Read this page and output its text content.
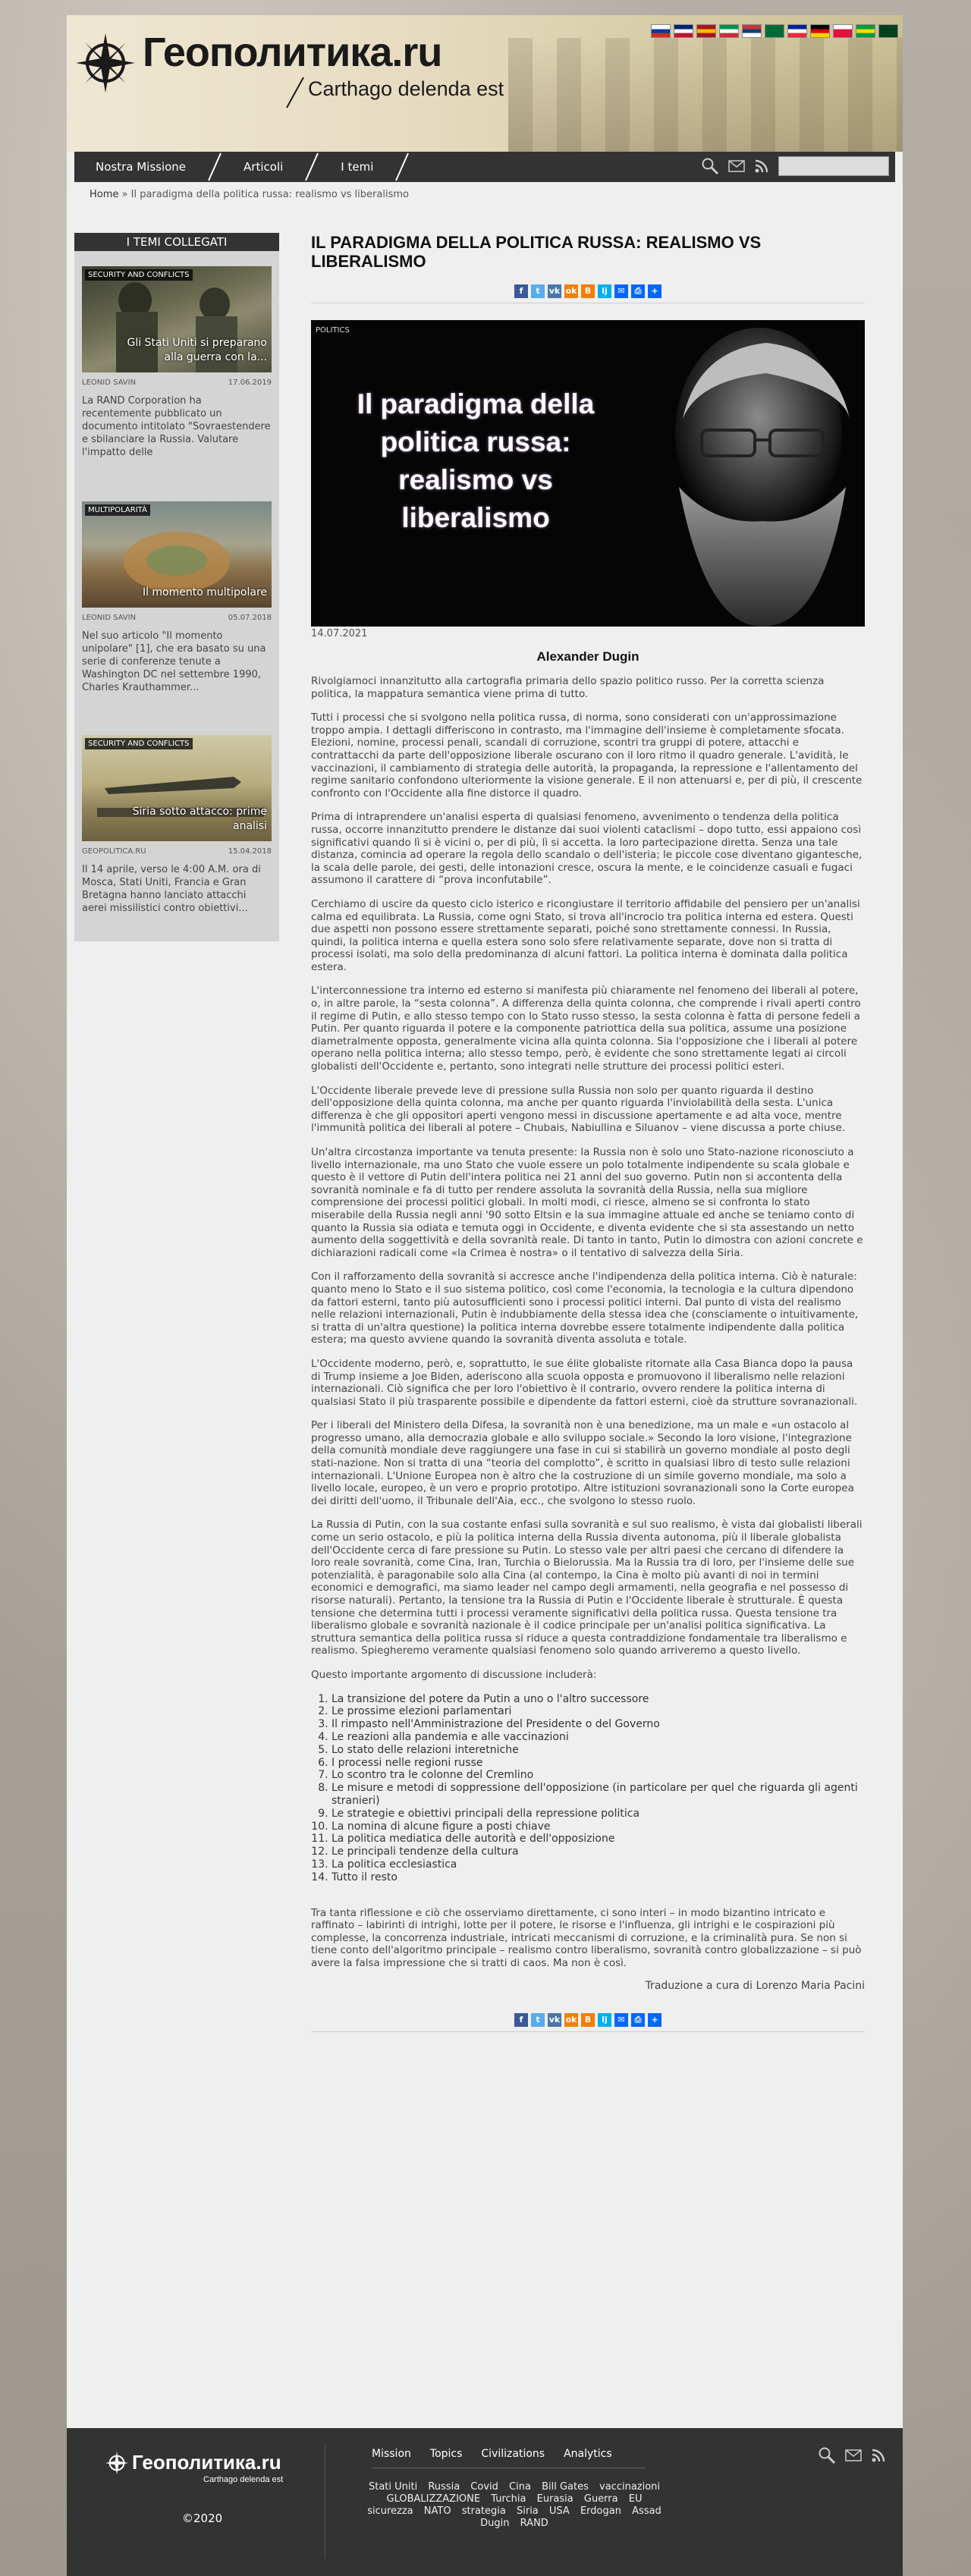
Геополитика.ru
Carthago delenda est
Nostra Missione	Articoli	I temi
Home » Il paradigma della politica russa: realismo vs liberalismo
I TEMI COLLEGATI
SECURITY AND CONFLICTS
Gli Stati Uniti si preparano alla guerra con la...
LEONID SAVIN	17.06.2019
La RAND Corporation ha recentemente pubblicato un documento intitolato "Sovraestendere e sbilanciare la Russia. Valutare l'impatto delle
MULTIPOLARITÀ
Il momento multipolare
LEONID SAVIN	05.07.2018
Nel suo articolo "Il momento unipolare" [1], che era basato su una serie di conferenze tenute a Washington DC nel settembre 1990, Charles Krauthammer...
SECURITY AND CONFLICTS
Siria sotto attacco: prime analisi
GEOPOLITICA.RU	15.04.2018
Il 14 aprile, verso le 4:00 A.M. ora di Mosca, Stati Uniti, Francia e Gran Bretagna hanno lanciato attacchi aerei missilistici contro obiettivi...
IL PARADIGMA DELLA POLITICA RUSSA: REALISMO VS LIBERALISMO
f	t	vk ok B	lj	✉	⎙	+
POLITICS
Il paradigma della politica russa: realismo vs liberalismo
14.07.2021
Alexander Dugin

Rivolgiamoci innanzitutto alla cartografia primaria dello spazio politico russo. Per la corretta scienza politica, la mappatura semantica viene prima di tutto.

Tutti i processi che si svolgono nella politica russa, di norma, sono considerati con un'approssimazione troppo ampia. I dettagli differiscono in contrasto, ma l'immagine dell'insieme è completamente sfocata. Elezioni, nomine, processi penali, scandali di corruzione, scontri tra gruppi di potere, attacchi e contrattacchi da parte dell'opposizione liberale oscurano con il loro ritmo il quadro generale. L'avidità, le vaccinazioni, il cambiamento di strategia delle autorità, la propaganda, la repressione e l'allentamento del regime sanitario confondono ulteriormente la visione generale. E il non attenuarsi e, per di più, il crescente confronto con l'Occidente alla fine distorce il quadro.

Prima di intraprendere un'analisi esperta di qualsiasi fenomeno, avvenimento o tendenza della politica russa, occorre innanzitutto prendere le distanze dai suoi violenti cataclismi – dopo tutto, essi appaiono così significativi quando lì si è vicini o, per di più, lì si accetta. la loro partecipazione diretta. Senza una tale distanza, comincia ad operare la regola dello scandalo o dell'isteria; le piccole cose diventano gigantesche, la scala delle parole, dei gesti, delle intonazioni cresce, oscura la mente, e le coincidenze casuali e fugaci assumono il carattere di “prova inconfutabile”.

Cerchiamo di uscire da questo ciclo isterico e ricongiustare il territorio affidabile del pensiero per un'analisi calma ed equilibrata. La Russia, come ogni Stato, si trova all'incrocio tra politica interna ed estera. Questi due aspetti non possono essere strettamente separati, poiché sono strettamente connessi. In Russia, quindi, la politica interna e quella estera sono solo sfere relativamente separate, dove non si tratta di processi isolati, ma solo della predominanza di alcuni fattori. La politica interna è dominata dalla politica estera.

L'interconnessione tra interno ed esterno si manifesta più chiaramente nel fenomeno dei liberali al potere, o, in altre parole, la “sesta colonna”. A differenza della quinta colonna, che comprende i rivali aperti contro il regime di Putin, e allo stesso tempo con lo Stato russo stesso, la sesta colonna è fatta di persone fedeli a Putin. Per quanto riguarda il potere e la componente patriottica della sua politica, assume una posizione diametralmente opposta, generalmente vicina alla quinta colonna. Sia l'opposizione che i liberali al potere operano nella politica interna; allo stesso tempo, però, è evidente che sono strettamente legati ai circoli globalisti dell'Occidente e, pertanto, sono integrati nelle strutture dei processi politici esteri.

L'Occidente liberale prevede leve di pressione sulla Russia non solo per quanto riguarda il destino dell'opposizione della quinta colonna, ma anche per quanto riguarda l'inviolabilità della sesta. L'unica differenza è che gli oppositori aperti vengono messi in discussione apertamente e ad alta voce, mentre l'immunità politica dei liberali al potere – Chubais, Nabiullina e Siluanov – viene discussa a porte chiuse.

Un'altra circostanza importante va tenuta presente: la Russia non è solo uno Stato-nazione riconosciuto a livello internazionale, ma uno Stato che vuole essere un polo totalmente indipendente su scala globale e questo è il vettore di Putin dell'intera politica nei 21 anni del suo governo. Putin non si accontenta della sovranità nominale e fa di tutto per rendere assoluta la sovranità della Russia, nella sua migliore comprensione dei processi politici globali. In molti modi, ci riesce, almeno se si confronta lo stato miserabile della Russia negli anni '90 sotto Eltsin e la sua immagine attuale ed anche se teniamo conto di quanto la Russia sia odiata e temuta oggi in Occidente, e diventa evidente che si sta assestando un netto aumento della soggettività e della sovranità reale. Di tanto in tanto, Putin lo dimostra con azioni concrete e dichiarazioni radicali come «la Crimea è nostra» o il tentativo di salvezza della Siria.

Con il rafforzamento della sovranità si accresce anche l'indipendenza della politica interna. Ciò è naturale: quanto meno lo Stato e il suo sistema politico, così come l'economia, la tecnologia e la cultura dipendono da fattori esterni, tanto più autosufficienti sono i processi politici interni. Dal punto di vista del realismo nelle relazioni internazionali, Putin è indubbiamente della stessa idea che (consciamente o intuitivamente, si tratta di un'altra questione) la politica interna dovrebbe essere totalmente indipendente dalla politica estera; ma questo avviene quando la sovranità diventa assoluta e totale.

L'Occidente moderno, però, e, soprattutto, le sue élite globaliste ritornate alla Casa Bianca dopo la pausa di Trump insieme a Joe Biden, aderiscono alla scuola opposta e promuovono il liberalismo nelle relazioni internazionali. Ciò significa che per loro l'obiettivo è il contrario, ovvero rendere la politica interna di qualsiasi Stato il più trasparente possibile e dipendente da fattori esterni, cioè da strutture sovranazionali.

Per i liberali del Ministero della Difesa, la sovranità non è una benedizione, ma un male e «un ostacolo al progresso umano, alla democrazia globale e allo sviluppo sociale.» Secondo la loro visione, l'integrazione della comunità mondiale deve raggiungere una fase in cui si stabilirà un governo mondiale al posto degli stati-nazione. Non si tratta di una “teoria del complotto”, è scritto in qualsiasi libro di testo sulle relazioni internazionali. L'Unione Europea non è altro che la costruzione di un simile governo mondiale, ma solo a livello locale, europeo, è un vero e proprio prototipo. Altre istituzioni sovranazionali sono la Corte europea dei diritti dell'uomo, il Tribunale dell'Aia, ecc., che svolgono lo stesso ruolo.

La Russia di Putin, con la sua costante enfasi sulla sovranità e sul suo realismo, è vista dai globalisti liberali come un serio ostacolo, e più la politica interna della Russia diventa autonoma, più il liberale globalista dell'Occidente cerca di fare pressione su Putin. Lo stesso vale per altri paesi che cercano di difendere la loro reale sovranità, come Cina, Iran, Turchia o Bielorussia. Ma la Russia tra di loro, per l'insieme delle sue potenzialità, è paragonabile solo alla Cina (al contempo, la Cina è molto più avanti di noi in termini economici e demografici, ma siamo leader nel campo degli armamenti, nella geografia e nel possesso di risorse naturali). Pertanto, la tensione tra la Russia di Putin e l'Occidente liberale è strutturale. È questa tensione che determina tutti i processi veramente significativi della politica russa. Questa tensione tra liberalismo globale e sovranità nazionale è il codice principale per un'analisi politica significativa. La struttura semantica della politica russa si riduce a questa contraddizione fondamentale tra liberalismo e realismo. Spiegheremo veramente qualsiasi fenomeno solo quando arriveremo a questo livello.

Questo importante argomento di discussione includerà:

1. La transizione del potere da Putin a uno o l'altro successore
2. Le prossime elezioni parlamentari
3. Il rimpasto nell'Amministrazione del Presidente o del Governo
4. Le reazioni alla pandemia e alle vaccinazioni
5. Lo stato delle relazioni interetniche
6. I processi nelle regioni russe
7. Lo scontro tra le colonne del Cremlino
8. Le misure e metodi di soppressione dell'opposizione (in particolare per quel che riguarda gli agenti stranieri)
9. Le strategie e obiettivi principali della repressione politica
10. La nomina di alcune figure a posti chiave
11. La politica mediatica delle autorità e dell'opposizione
12. Le principali tendenze della cultura
13. La politica ecclesiastica
14. Tutto il resto

Tra tanta riflessione e ciò che osserviamo direttamente, ci sono interi – in modo bizantino intricato e raffinato – labirinti di intrighi, lotte per il potere, le risorse e l'influenza, gli intrighi e le cospirazioni più complesse, la concorrenza industriale, intricati meccanismi di corruzione, e la criminalità pura. Se non si tiene conto dell'algoritmo principale – realismo contro liberalismo, sovranità contro globalizzazione – si può avere la falsa impressione che si tratti di caos. Ma non è così.

Traduzione a cura di Lorenzo Maria Pacini
f	t	vk ok B	lj	✉	⎙	+
Геополитика.ru
Carthago delenda est
©2020
Mission Topics Civilizations Analytics
Stati Uniti Russia Covid Cina Bill Gates vaccinazioni GLOBALIZZAZIONE Turchia Eurasia Guerra EU sicurezza NATO strategia Siria USA Erdogan Assad Dugin RAND
